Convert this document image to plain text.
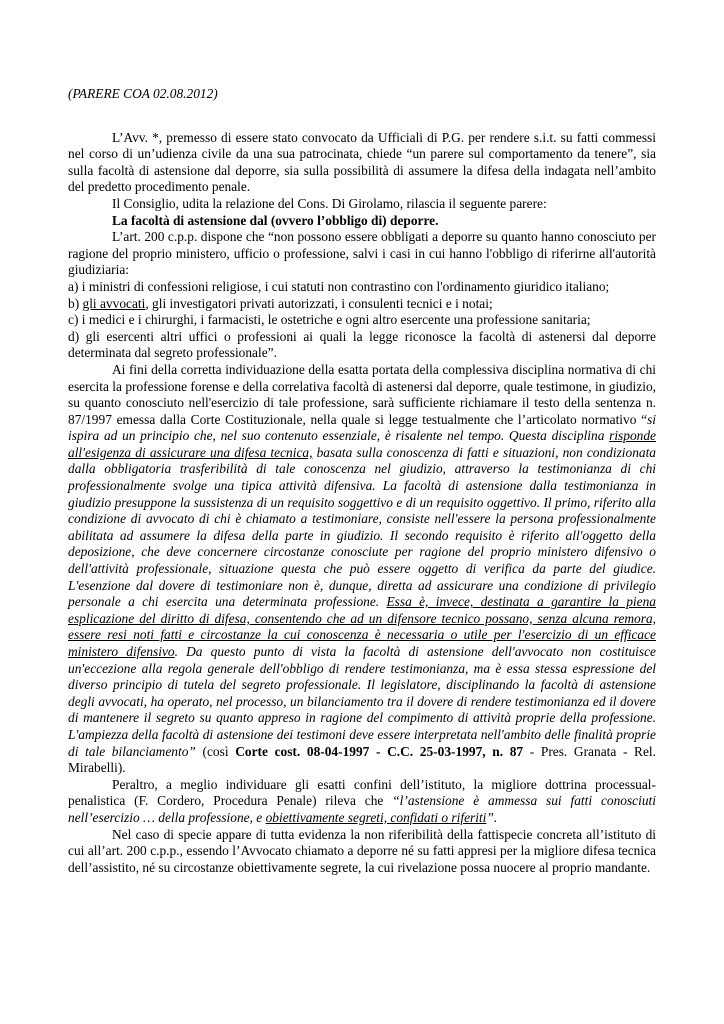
(PARERE COA 02.08.2012)

L’Avv. *, premesso di essere stato convocato da Ufficiali di P.G. per rendere s.i.t. su fatti commessi nel corso di un’udienza civile da una sua patrocinata, chiede “un parere sul comportamento da tenere”, sia sulla facoltà di astensione dal deporre, sia sulla possibilità di assumere la difesa della indagata nell’ambito del predetto procedimento penale.

Il Consiglio, udita la relazione del Cons. Di Girolamo, rilascia il seguente parere:

La facoltà di astensione dal (ovvero l’obbligo di) deporre.

L’art. 200 c.p.p. dispone che “non possono essere obbligati a deporre su quanto hanno conosciuto per ragione del proprio ministero, ufficio o professione, salvi i casi in cui hanno l'obbligo di riferirne all'autorità giudiziaria:

a) i ministri di confessioni religiose, i cui statuti non contrastino con l'ordinamento giuridico italiano;

b) gli avvocati, gli investigatori privati autorizzati, i consulenti tecnici e i notai;

c) i medici e i chirurghi, i farmacisti, le ostetriche e ogni altro esercente una professione sanitaria;

d) gli esercenti altri uffici o professioni ai quali la legge riconosce la facoltà di astenersi dal deporre determinata dal segreto professionale”.

Ai fini della corretta individuazione della esatta portata della complessiva disciplina normativa di chi esercita la professione forense e della correlativa facoltà di astenersi dal deporre, quale testimone, in giudizio, su quanto conosciuto nell'esercizio di tale professione, sarà sufficiente richiamare il testo della sentenza n. 87/1997 emessa dalla Corte Costituzionale, nella quale si legge testualmente che l’articolato normativo “si ispira ad un principio che, nel suo contenuto essenziale, è risalente nel tempo. Questa disciplina risponde all'esigenza di assicurare una difesa tecnica, basata sulla conoscenza di fatti e situazioni, non condizionata dalla obbligatoria trasferibilità di tale conoscenza nel giudizio, attraverso la testimonianza di chi professionalmente svolge una tipica attività difensiva. La facoltà di astensione dalla testimonianza in giudizio presuppone la sussistenza di un requisito soggettivo e di un requisito oggettivo. Il primo, riferito alla condizione di avvocato di chi è chiamato a testimoniare, consiste nell'essere la persona professionalmente abilitata ad assumere la difesa della parte in giudizio. Il secondo requisito è riferito all'oggetto della deposizione, che deve concernere circostanze conosciute per ragione del proprio ministero difensivo o dell'attività professionale, situazione questa che può essere oggetto di verifica da parte del giudice. L'esenzione dal dovere di testimoniare non è, dunque, diretta ad assicurare una condizione di privilegio personale a chi esercita una determinata professione. Essa è, invece, destinata a garantire la piena esplicazione del diritto di difesa, consentendo che ad un difensore tecnico possano, senza alcuna remora, essere resi noti fatti e circostanze la cui conoscenza è necessaria o utile per l'esercizio di un efficace ministero difensivo. Da questo punto di vista la facoltà di astensione dell'avvocato non costituisce un'eccezione alla regola generale dell'obbligo di rendere testimonianza, ma è essa stessa espressione del diverso principio di tutela del segreto professionale. Il legislatore, disciplinando la facoltà di astensione degli avvocati, ha operato, nel processo, un bilanciamento tra il dovere di rendere testimonianza ed il dovere di mantenere il segreto su quanto appreso in ragione del compimento di attività proprie della professione. L'ampiezza della facoltà di astensione dei testimoni deve essere interpretata nell'ambito delle finalità proprie di tale bilanciamento” (così Corte cost. 08-04-1997 - C.C. 25-03-1997, n. 87 - Pres. Granata - Rel. Mirabelli).

Peraltro, a meglio individuare gli esatti confini dell’istituto, la migliore dottrina processual-penalistica (F. Cordero, Procedura Penale) rileva che “l’astensione è ammessa sui fatti conosciuti nell’esercizio … della professione, e obiettivamente segreti, confidati o riferiti”.

Nel caso di specie appare di tutta evidenza la non riferibilità della fattispecie concreta all’istituto di cui all’art. 200 c.p.p., essendo l’Avvocato chiamato a deporre né su fatti appresi per la migliore difesa tecnica dell’assistito, né su circostanze obiettivamente segrete, la cui rivelazione possa nuocere al proprio mandante.
